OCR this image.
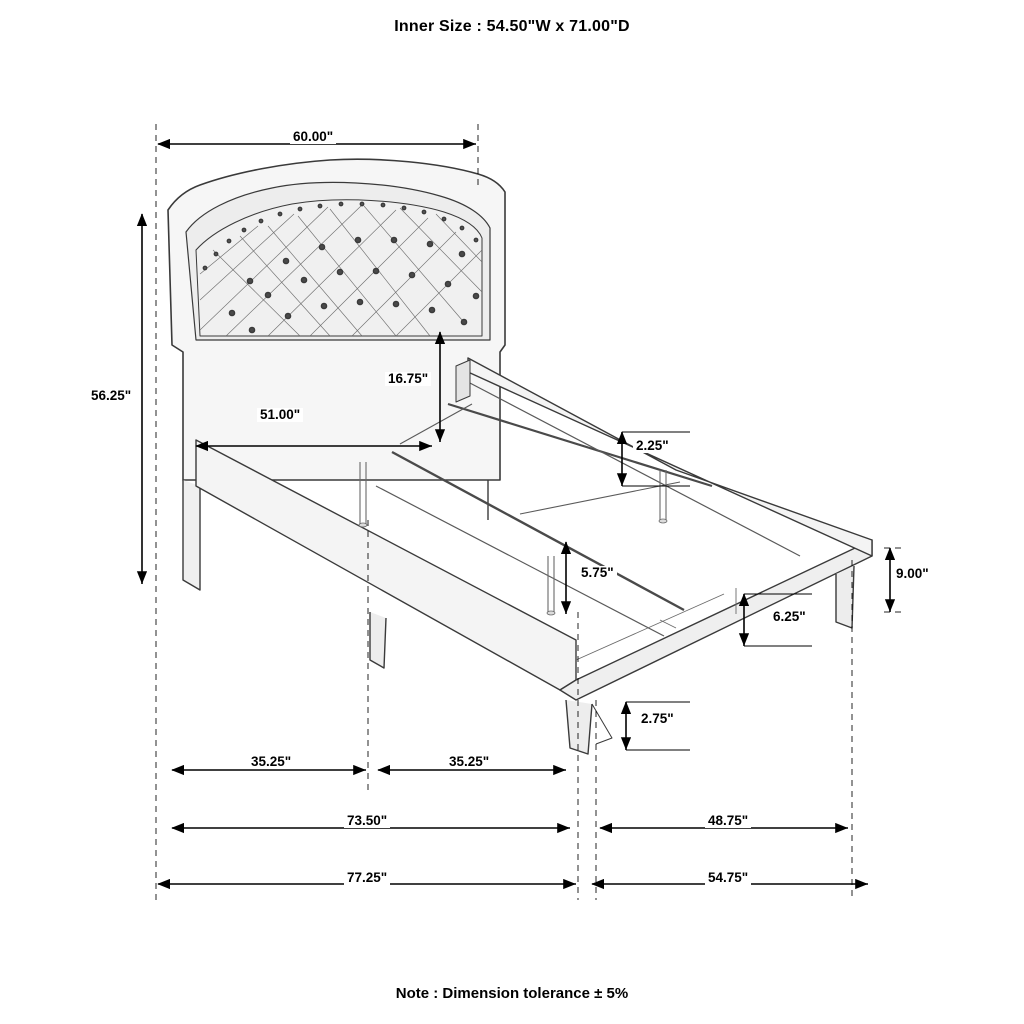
Inner Size : 54.50"W x 71.00"D
60.00"
56.25"
16.75"
51.00"
2.25"
5.75"
6.25"
9.00"
2.75"
35.25"	35.25"
73.50"	48.75"
77.25"	54.75"
Note : Dimension tolerance ± 5%
